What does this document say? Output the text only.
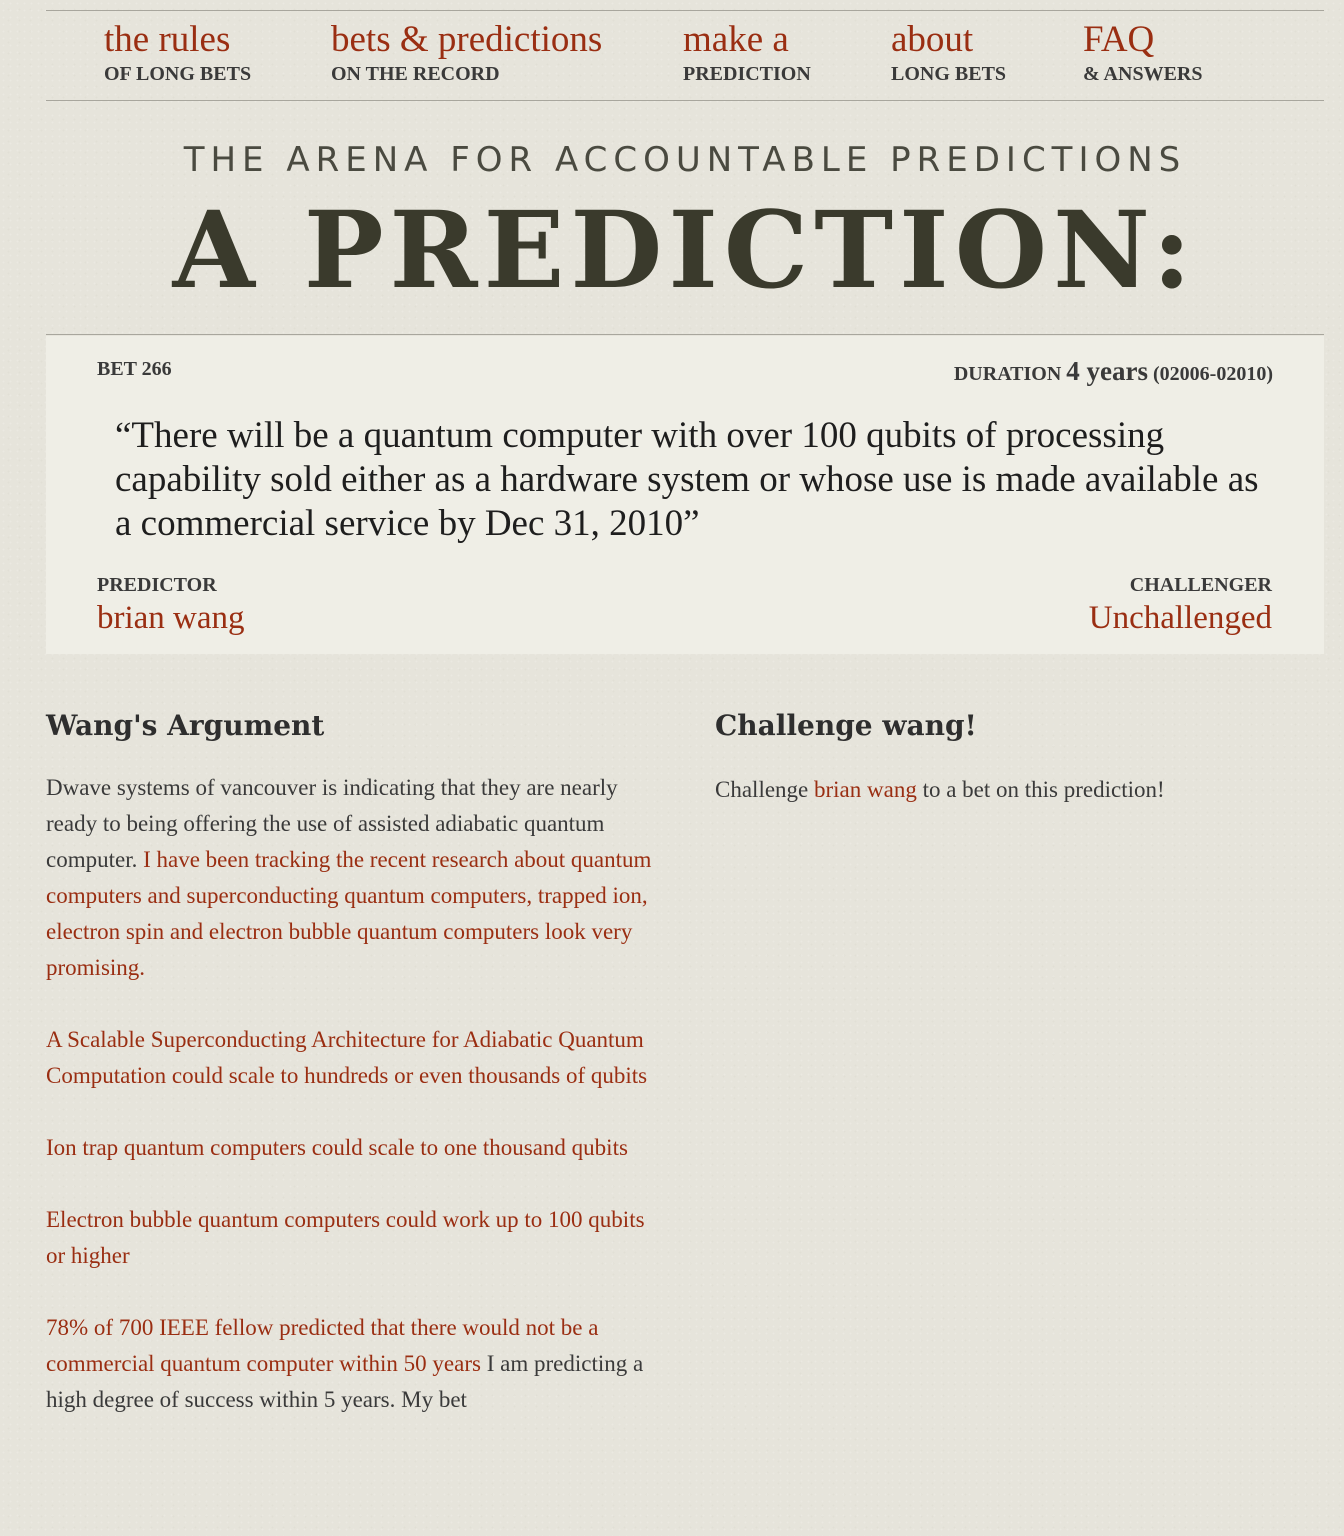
the rules
OF LONG BETS
bets & predictions
ON THE RECORD
make a
PREDICTION
about
LONG BETS
FAQ
& ANSWERS
THE ARENA FOR ACCOUNTABLE PREDICTIONS
A PREDICTION:
BET 266	DURATION 4 years (02006-02010)
“There will be a quantum computer with over 100 qubits of processing capability sold either as a hardware system or whose use is made available as a commercial service by Dec 31, 2010”
PREDICTOR
brian wang
CHALLENGER
Unchallenged
Wang's Argument	Challenge wang!

Dwave systems of vancouver is indicating that they are nearly ready to being offering the use of assisted adiabatic quantum computer. I have been tracking the recent research about quantum computers and superconducting quantum computers, trapped ion, electron spin and electron bubble quantum computers look very promising.

A Scalable Superconducting Architecture for Adiabatic Quantum Computation could scale to hundreds or even thousands of qubits

Ion trap quantum computers could scale to one thousand qubits

Electron bubble quantum computers could work up to 100 qubits or higher

78% of 700 IEEE fellow predicted that there would not be a commercial quantum computer within 50 years I am predicting a high degree of success within 5 years. My bet

Challenge brian wang to a bet on this prediction!
